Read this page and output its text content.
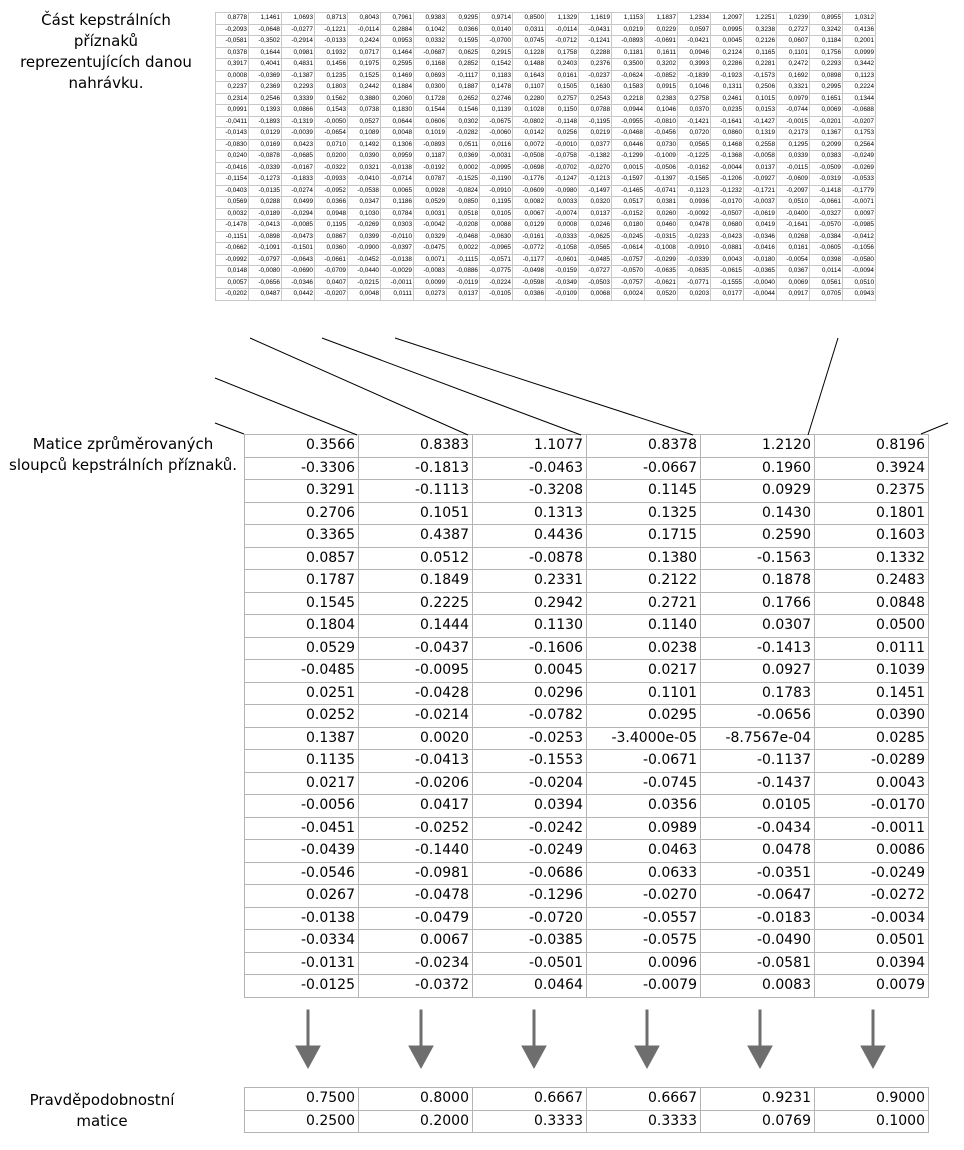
Část kepstrálních příznaků reprezentujících danou nahrávku.
Matice zprůměrovaných sloupců kepstrálních příznaků.
Pravděpodobnostní matice
0,8778	1,1461	1,0693	0,8713	0,8043	0,7961	0,9383	0,9295	0,9714	0,8500	1,1329	1,1619	1,1153	1,1837	1,2334	1,2097	1,2251	1,0239	0,8955	1,0312
-0,2093	-0,0648	-0,0277	-0,1221	-0,0114	0,2884	0,1042	0,0366	0,0140	0,0311	-0,0114	-0,0431	0,0219	0,0229	0,0597	0,0995	0,3238	0,2727	0,3242	0,4136
-0,0581	-0,3502	-0,2914	-0,0133	0,2424	0,0953	0,0332	0,1595	-0,0700	0,0745	-0,0712	-0,1241	-0,0893	-0,0691	-0,0421	0,0045	0,2126	0,0607	0,1184	0,2001
0,0378	0,1644	0,0981	0,1932	0,0717	0,1464	-0,0687	0,0625	0,2915	0,1228	0,1758	0,2288	0,1181	0,1611	0,0946	0,2124	0,1165	0,1101	0,1756	0,0999
0,3917	0,4041	0,4831	0,1456	0,1975	0,2595	0,1168	0,2852	0,1542	0,1488	0,2403	0,2376	0,3500	0,3202	0,3993	0,2286	0,2281	0,2472	0,2293	0,3442
0,0008	-0,0369	-0,1387	0,1235	0,1525	0,1469	0,0693	-0,1117	0,1183	0,1643	0,0161	-0,0237	-0,0624	-0,0852	-0,1839	-0,1923	-0,1573	0,1692	0,0898	0,1123
0,2237	0,2369	0,2293	0,1803	0,2442	0,1884	0,0300	0,1887	0,1478	0,1107	0,1505	0,1630	0,1583	0,0915	0,1046	0,1311	0,2506	0,3321	0,2995	0,2224
0,2314	0,2546	0,3339	0,1562	0,3880	0,2060	0,1728	0,2652	0,2746	0,2280	0,2757	0,2543	0,2218	0,2383	0,2758	0,2461	0,1015	0,0979	0,1651	0,1344
0,0991	0,1393	0,0866	0,1543	0,0738	0,1830	0,1544	0,1546	0,1139	0,1028	0,1150	0,0788	0,0944	0,1046	0,0370	0,0235	0,0153	-0,0744	0,0069	-0,0688
-0,0411	-0,1893	-0,1319	-0,0050	0,0527	0,0644	0,0606	0,0302	-0,0675	-0,0802	-0,1148	-0,1195	-0,0955	-0,0810	-0,1421	-0,1641	-0,1427	-0,0015	-0,0201	-0,0207
-0,0143	0,0129	-0,0039	-0,0654	0,1089	0,0048	0,1019	-0,0282	-0,0060	0,0142	0,0256	0,0219	-0,0468	-0,0456	0,0720	0,0860	0,1319	0,2173	0,1367	0,1753
-0,0830	0,0169	0,0423	0,0710	0,1492	0,1306	-0,0893	0,0511	0,0116	0,0072	-0,0010	0,0377	0,0446	0,0730	0,0565	0,1468	0,2558	0,1295	0,2099	0,2564
0,0240	-0,0878	-0,0685	0,0200	0,0390	0,0959	0,1187	0,0369	-0,0031	-0,0508	-0,0758	-0,1382	-0,1299	-0,1009	-0,1225	-0,1368	-0,0058	0,0339	0,0383	-0,0249
-0,0416	-0,0339	-0,0167	-0,0322	0,0321	-0,0138	-0,0192	0,0002	-0,0995	-0,0698	-0,0702	-0,0270	0,0015	-0,0506	-0,0162	-0,0044	0,0137	-0,0115	-0,0509	-0,0269
-0,1154	-0,1273	-0,1833	-0,0933	-0,0410	-0,0714	0,0787	-0,1525	-0,1190	-0,1776	-0,1247	-0,1213	-0,1597	-0,1397	-0,1565	-0,1206	-0,0927	-0,0609	-0,0319	-0,0533
-0,0403	-0,0135	-0,0274	-0,0952	-0,0538	0,0065	0,0928	-0,0824	-0,0910	-0,0609	-0,0980	-0,1497	-0,1465	-0,0741	-0,1123	-0,1232	-0,1721	-0,2097	-0,1418	-0,1779
0,0569	0,0288	0,0499	0,0366	0,0347	0,1186	0,0529	0,0850	0,1195	0,0082	0,0033	0,0320	0,0517	0,0381	0,0936	-0,0170	-0,0037	0,0510	-0,0661	-0,0071
0,0032	-0,0189	-0,0294	0,0948	0,1030	0,0784	0,0031	0,0518	0,0105	0,0067	-0,0074	0,0137	-0,0152	0,0260	-0,0092	-0,0507	-0,0619	-0,0400	-0,0327	0,0097
-0,1478	-0,0413	-0,0085	0,1195	-0,0269	0,0303	-0,0042	-0,0208	0,0088	0,0129	0,0008	0,0246	0,0180	0,0460	0,0478	0,0680	0,0419	-0,1641	-0,0570	-0,0985
-0,1151	-0,0898	-0,0473	0,0867	0,0399	-0,0110	0,0329	-0,0468	-0,0630	-0,0161	-0,0333	-0,0625	-0,0245	-0,0315	-0,0233	-0,0423	-0,0346	0,0268	-0,0384	-0,0412
-0,0662	-0,1091	-0,1501	0,0360	-0,0900	-0,0397	-0,0475	0,0022	-0,0965	-0,0772	-0,1058	-0,0565	-0,0614	-0,1008	-0,0910	-0,0881	-0,0416	0,0161	-0,0605	-0,1056
-0,0992	-0,0797	-0,0643	-0,0661	-0,0452	-0,0138	0,0071	-0,1115	-0,0571	-0,1177	-0,0601	-0,0485	-0,0757	-0,0299	-0,0339	0,0043	-0,0180	-0,0054	0,0398	-0,0580
0,0148	-0,0080	-0,0690	-0,0709	-0,0440	-0,0029	-0,0083	-0,0886	-0,0775	-0,0498	-0,0159	-0,0727	-0,0570	-0,0635	-0,0635	-0,0615	-0,0365	0,0367	0,0114	-0,0094
0,0057	-0,0656	-0,0346	0,0407	-0,0215	-0,0011	0,0099	-0,0119	-0,0224	-0,0598	-0,0349	-0,0503	-0,0757	-0,0621	-0,0771	-0,1555	-0,0040	0,0069	0,0561	0,0510
-0,0202	0,0487	0,0442	-0,0207	0,0048	0,0111	0,0273	0,0137	-0,0105	0,0386	-0,0109	0,0068	0,0024	0,0520	0,0203	0,0177	-0,0044	0,0917	0,0705	0,0943
0.3566	0.8383	1.1077	0.8378	1.2120	0.8196
-0.3306	-0.1813	-0.0463	-0.0667	0.1960	0.3924
0.3291	-0.1113	-0.3208	0.1145	0.0929	0.2375
0.2706	0.1051	0.1313	0.1325	0.1430	0.1801
0.3365	0.4387	0.4436	0.1715	0.2590	0.1603
0.0857	0.0512	-0.0878	0.1380	-0.1563	0.1332
0.1787	0.1849	0.2331	0.2122	0.1878	0.2483
0.1545	0.2225	0.2942	0.2721	0.1766	0.0848
0.1804	0.1444	0.1130	0.1140	0.0307	0.0500
0.0529	-0.0437	-0.1606	0.0238	-0.1413	0.0111
-0.0485	-0.0095	0.0045	0.0217	0.0927	0.1039
0.0251	-0.0428	0.0296	0.1101	0.1783	0.1451
0.0252	-0.0214	-0.0782	0.0295	-0.0656	0.0390
0.1387	0.0020	-0.0253	-3.4000e-05	-8.7567e-04	0.0285
0.1135	-0.0413	-0.1553	-0.0671	-0.1137	-0.0289
0.0217	-0.0206	-0.0204	-0.0745	-0.1437	0.0043
-0.0056	0.0417	0.0394	0.0356	0.0105	-0.0170
-0.0451	-0.0252	-0.0242	0.0989	-0.0434	-0.0011
-0.0439	-0.1440	-0.0249	0.0463	0.0478	0.0086
-0.0546	-0.0981	-0.0686	0.0633	-0.0351	-0.0249
0.0267	-0.0478	-0.1296	-0.0270	-0.0647	-0.0272
-0.0138	-0.0479	-0.0720	-0.0557	-0.0183	-0.0034
-0.0334	0.0067	-0.0385	-0.0575	-0.0490	0.0501
-0.0131	-0.0234	-0.0501	0.0096	-0.0581	0.0394
-0.0125	-0.0372	0.0464	-0.0079	0.0083	0.0079
0.7500	0.8000	0.6667	0.6667	0.9231	0.9000
0.2500	0.2000	0.3333	0.3333	0.0769	0.1000
